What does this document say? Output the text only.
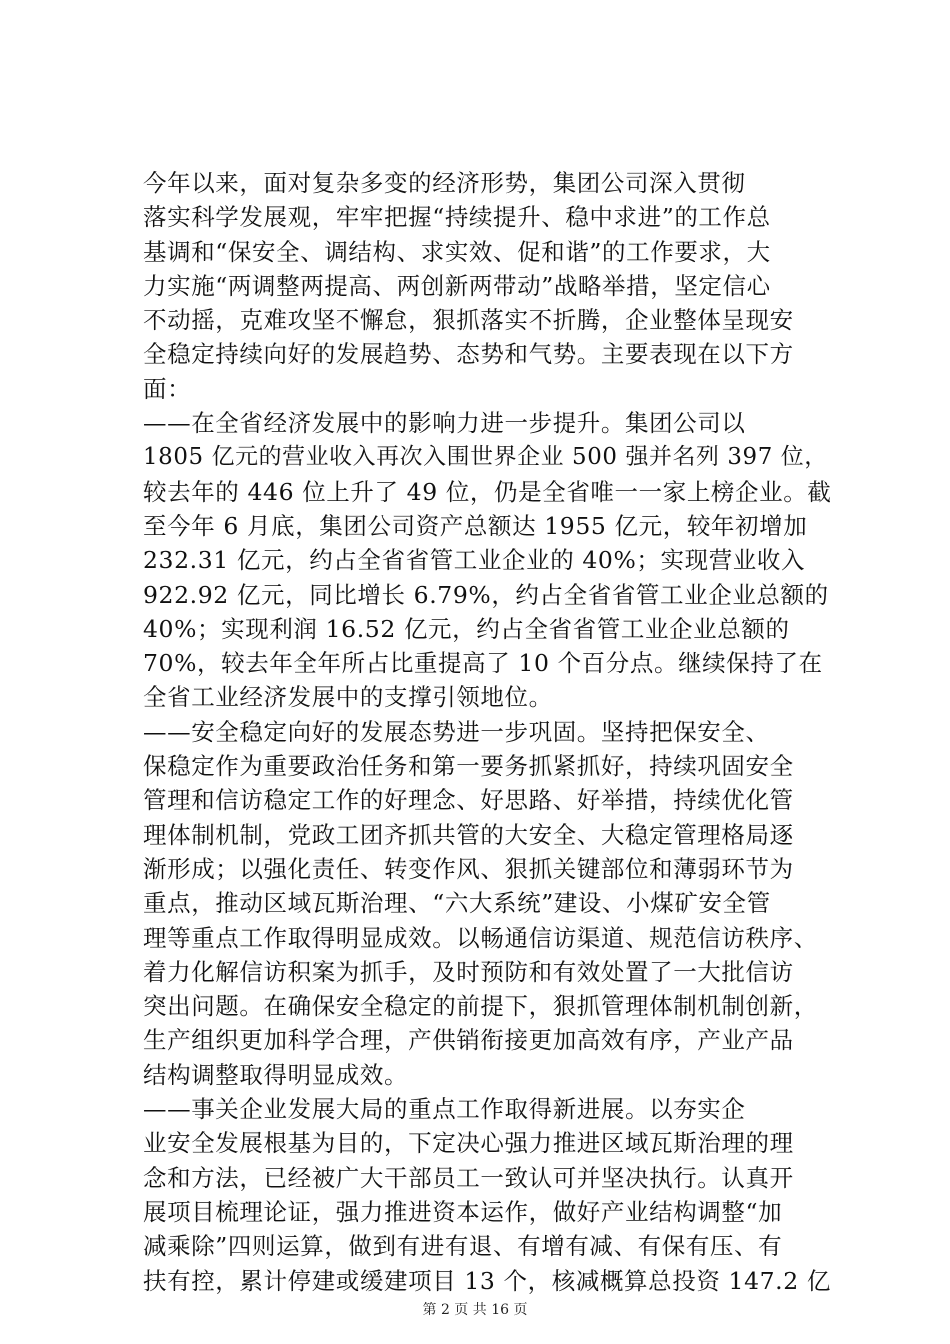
今年以来，面对复杂多变的经济形势，集团公司深入贯彻
落实科学发展观，牢牢把握“持续提升、稳中求进”的工作总
基调和“保安全、调结构、求实效、促和谐”的工作要求，大
力实施“两调整两提高、两创新两带动”战略举措，坚定信心
不动摇，克难攻坚不懈怠，狠抓落实不折腾，企业整体呈现安
全稳定持续向好的发展趋势、态势和气势。主要表现在以下方
面：
——在全省经济发展中的影响力进一步提升。集团公司以
1805 亿元的营业收入再次入围世界企业 500 强并名列 397 位，
较去年的 446 位上升了 49 位，仍是全省唯一一家上榜企业。截
至今年 6 月底，集团公司资产总额达 1955 亿元，较年初增加
232.31 亿元，约占全省省管工业企业的 40%；实现营业收入
922.92 亿元，同比增长 6.79%，约占全省省管工业企业总额的
40%；实现利润 16.52 亿元，约占全省省管工业企业总额的
70%，较去年全年所占比重提高了 10 个百分点。继续保持了在
全省工业经济发展中的支撑引领地位。
——安全稳定向好的发展态势进一步巩固。坚持把保安全、
保稳定作为重要政治任务和第一要务抓紧抓好，持续巩固安全
管理和信访稳定工作的好理念、好思路、好举措，持续优化管
理体制机制，党政工团齐抓共管的大安全、大稳定管理格局逐
渐形成；以强化责任、转变作风、狠抓关键部位和薄弱环节为
重点，推动区域瓦斯治理、“六大系统”建设、小煤矿安全管
理等重点工作取得明显成效。以畅通信访渠道、规范信访秩序、
着力化解信访积案为抓手，及时预防和有效处置了一大批信访
突出问题。在确保安全稳定的前提下，狠抓管理体制机制创新，
生产组织更加科学合理，产供销衔接更加高效有序，产业产品
结构调整取得明显成效。
——事关企业发展大局的重点工作取得新进展。以夯实企
业安全发展根基为目的，下定决心强力推进区域瓦斯治理的理
念和方法，已经被广大干部员工一致认可并坚决执行。认真开
展项目梳理论证，强力推进资本运作，做好产业结构调整“加
减乘除”四则运算，做到有进有退、有增有减、有保有压、有
扶有控，累计停建或缓建项目 13 个，核减概算总投资 147.2 亿
第 2 页 共 16 页
